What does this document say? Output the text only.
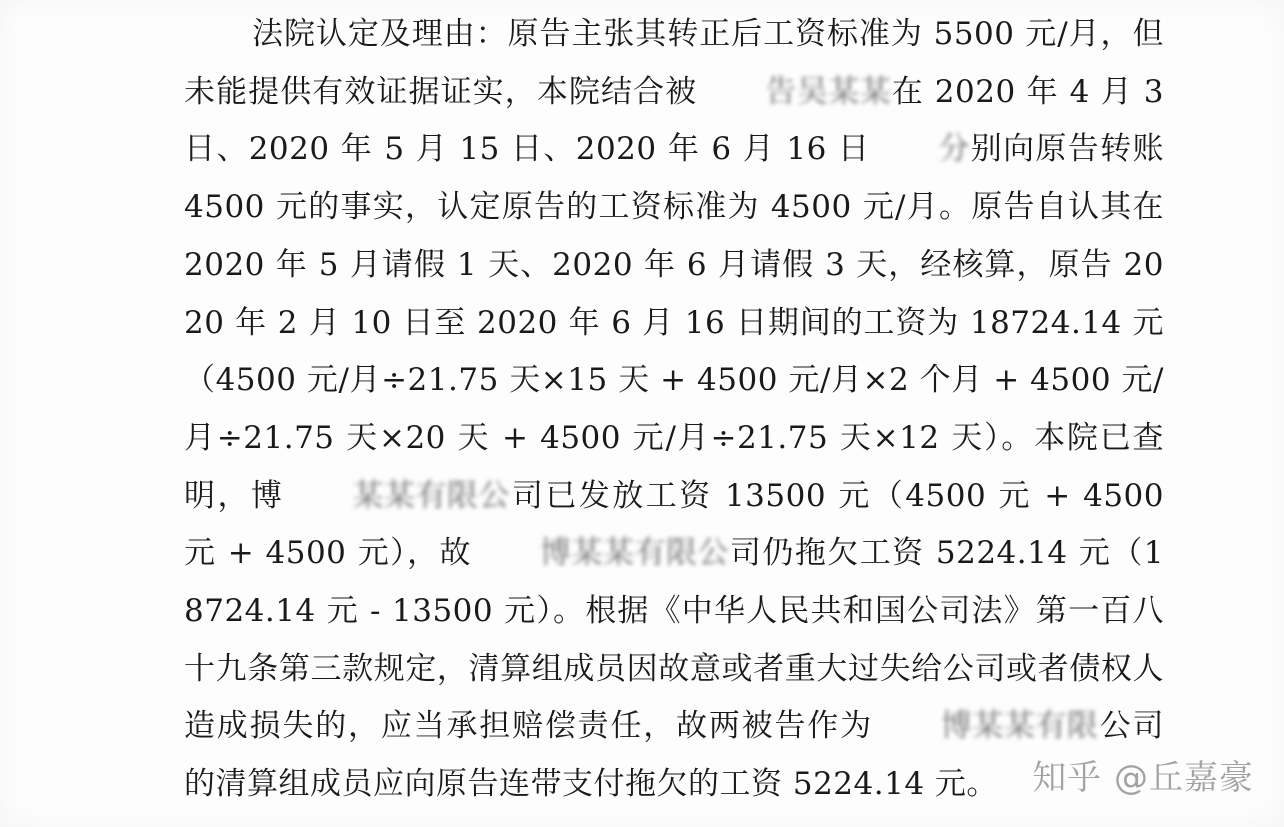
法院认定及理由：原告主张其转正后工资标准为 5500 元/月，但未能提供有效证据证实，本院结合被 告吴某某在 2020 年 4 月 3 日、2020 年 5 月 15 日、2020 年 6 月 16 日 分别向原告转账 4500 元的事实，认定原告的工资标准为 4500 元/月。原告自认其在 2020 年 5 月请假 1 天、2020 年 6 月请假 3 天，经核算，原告 2020 年 2 月 10 日至 2020 年 6 月 16 日期间的工资为 18724.14 元（4500 元/月÷21.75 天×15 天 + 4500 元/月×2 个月 + 4500 元/月÷21.75 天×20 天 + 4500 元/月÷21.75 天×12 天）。本院已查明，博 某某有限公司已发放工资 13500 元（4500 元 + 4500 元 + 4500 元），故 博某某有限公司仍拖欠工资 5224.14 元（18724.14 元 - 13500 元）。根据《中华人民共和国公司法》第一百八十九条第三款规定，清算组成员因故意或者重大过失给公司或者债权人造成损失的，应当承担赔偿责任，故两被告作为 博某某有限公司的清算组成员应向原告连带支付拖欠的工资 5224.14 元。	知乎 @丘嘉豪
